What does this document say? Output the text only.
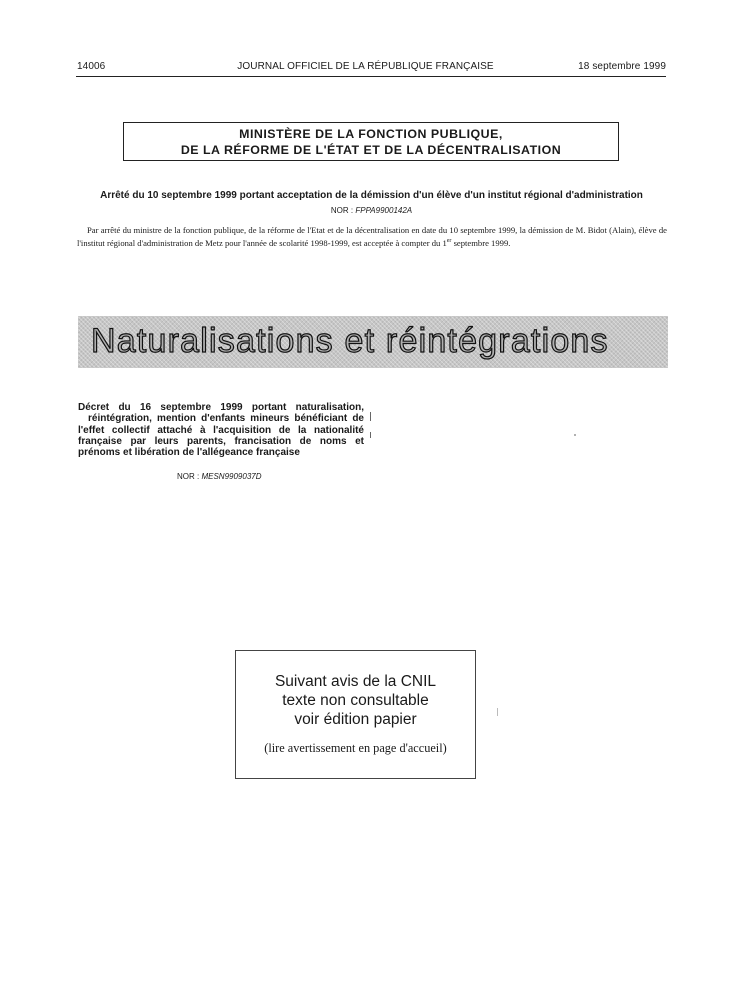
14006	JOURNAL OFFICIEL DE LA RÉPUBLIQUE FRANÇAISE	18 septembre 1999
MINISTÈRE DE LA FONCTION PUBLIQUE,
DE LA RÉFORME DE L'ÉTAT ET DE LA DÉCENTRALISATION
Arrêté du 10 septembre 1999 portant acceptation de la démission d'un élève d'un institut régional d'administration
NOR : FPPA9900142A
Par arrêté du ministre de la fonction publique, de la réforme de l'Etat et de la décentralisation en date du 10 septembre 1999, la démission de M. Bidot (Alain), élève de l'institut régional d'administration de Metz pour l'année de scolarité 1998-1999, est acceptée à compter du 1er septembre 1999.
Naturalisations et réintégrations
Décret du 16 septembre 1999 portant naturalisation, réintégration, mention d'enfants mineurs bénéficiant de l'effet collectif attaché à l'acquisition de la nationalité française par leurs parents, francisation de noms et prénoms et libération de l'allégeance française
NOR : MESN9909037D
Suivant avis de la CNIL
texte non consultable
voir édition papier
(lire avertissement en page d'accueil)
